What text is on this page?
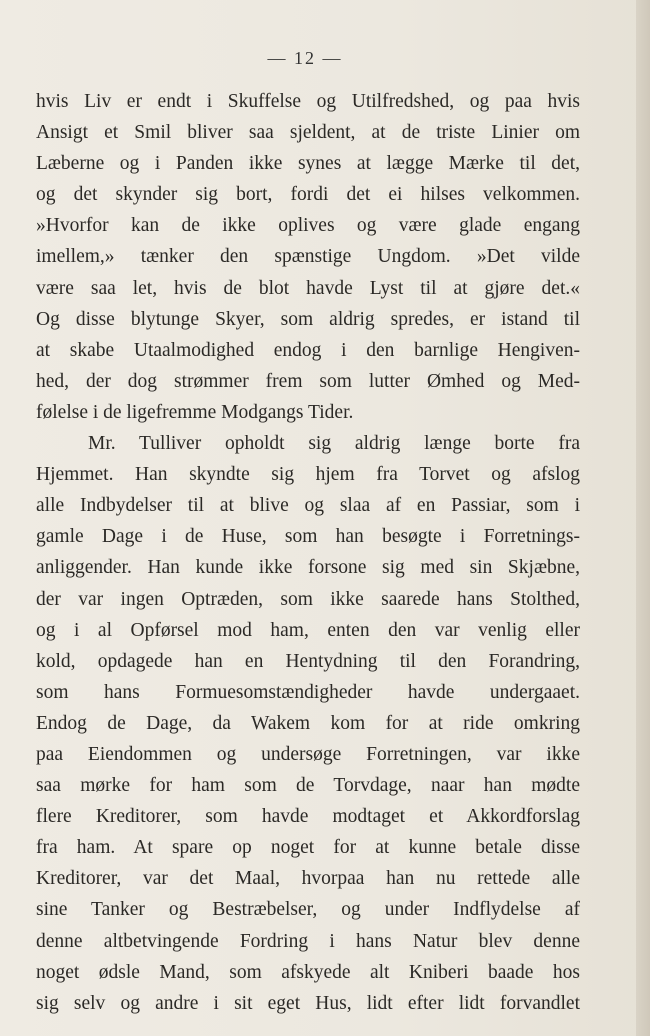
— 12 —
hvis Liv er endt i Skuffelse og Utilfredshed, og paa hvis
Ansigt et Smil bliver saa sjeldent, at de triste Linier om
Læberne og i Panden ikke synes at lægge Mærke til det,
og det skynder sig bort, fordi det ei hilses velkommen.
»Hvorfor kan de ikke oplives og være glade engang
imellem,» tænker den spænstige Ungdom. »Det vilde
være saa let, hvis de blot havde Lyst til at gjøre det.«
Og disse blytunge Skyer, som aldrig spredes, er istand til
at skabe Utaalmodighed endog i den barnlige Hengiven-
hed, der dog strømmer frem som lutter Ømhed og Med-
følelse i de ligefremme Modgangs Tider.
Mr. Tulliver opholdt sig aldrig længe borte fra
Hjemmet. Han skyndte sig hjem fra Torvet og afslog
alle Indbydelser til at blive og slaa af en Passiar, som i
gamle Dage i de Huse, som han besøgte i Forretnings-
anliggender. Han kunde ikke forsone sig med sin Skjæbne,
der var ingen Optræden, som ikke saarede hans Stolthed,
og i al Opførsel mod ham, enten den var venlig eller
kold, opdagede han en Hentydning til den Forandring,
som hans Formuesomstændigheder havde undergaaet.
Endog de Dage, da Wakem kom for at ride omkring
paa Eiendommen og undersøge Forretningen, var ikke
saa mørke for ham som de Torvdage, naar han mødte
flere Kreditorer, som havde modtaget et Akkordforslag
fra ham. At spare op noget for at kunne betale disse
Kreditorer, var det Maal, hvorpaa han nu rettede alle
sine Tanker og Bestræbelser, og under Indflydelse af
denne altbetvingende Fordring i hans Natur blev denne
noget ødsle Mand, som afskyede alt Kniberi baade hos
sig selv og andre i sit eget Hus, lidt efter lidt forvandlet
